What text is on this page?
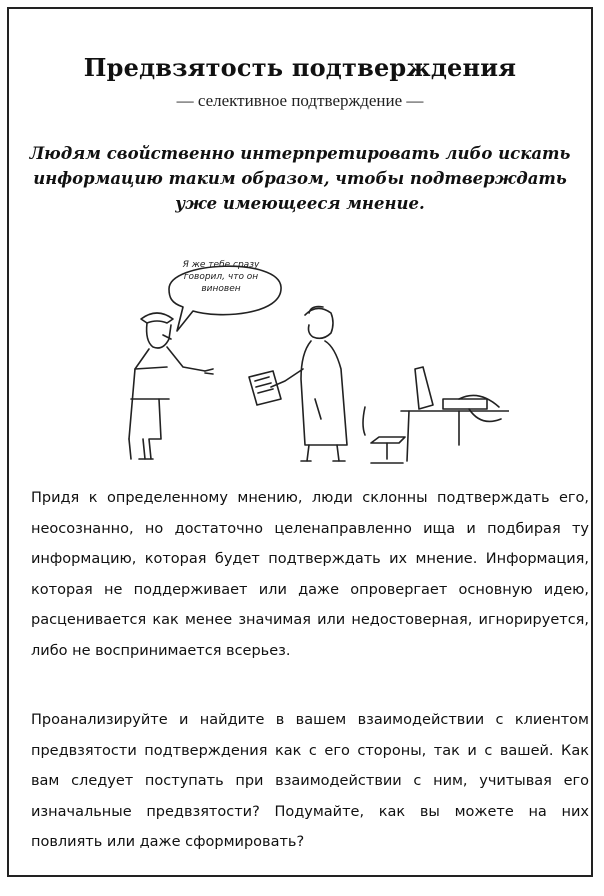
Предвзятость подтверждения
— селективное подтверждение —
Людям свойственно интерпретировать либо искать информацию таким образом, чтобы подтверждать уже имеющееся мнение.
Я же тебе сразу говорил, что он виновен

Придя к определенному мнению, люди склонны подтверждать его, неосознанно, но достаточно целенаправленно ища и подбирая ту информацию, которая будет подтверждать их мнение. Информация, которая не поддерживает или даже опровергает основную идею, расценивается как менее значимая или недостоверная, игнорируется, либо не воспринимается всерьез.

Проанализируйте и найдите в вашем взаимодействии с клиентом предвзятости подтверждения как с его стороны, так и с вашей. Как вам следует поступать при взаимодействии с ним, учитывая его изначальные предвзятости? Подумайте, как вы можете на них повлиять или даже сформировать?
